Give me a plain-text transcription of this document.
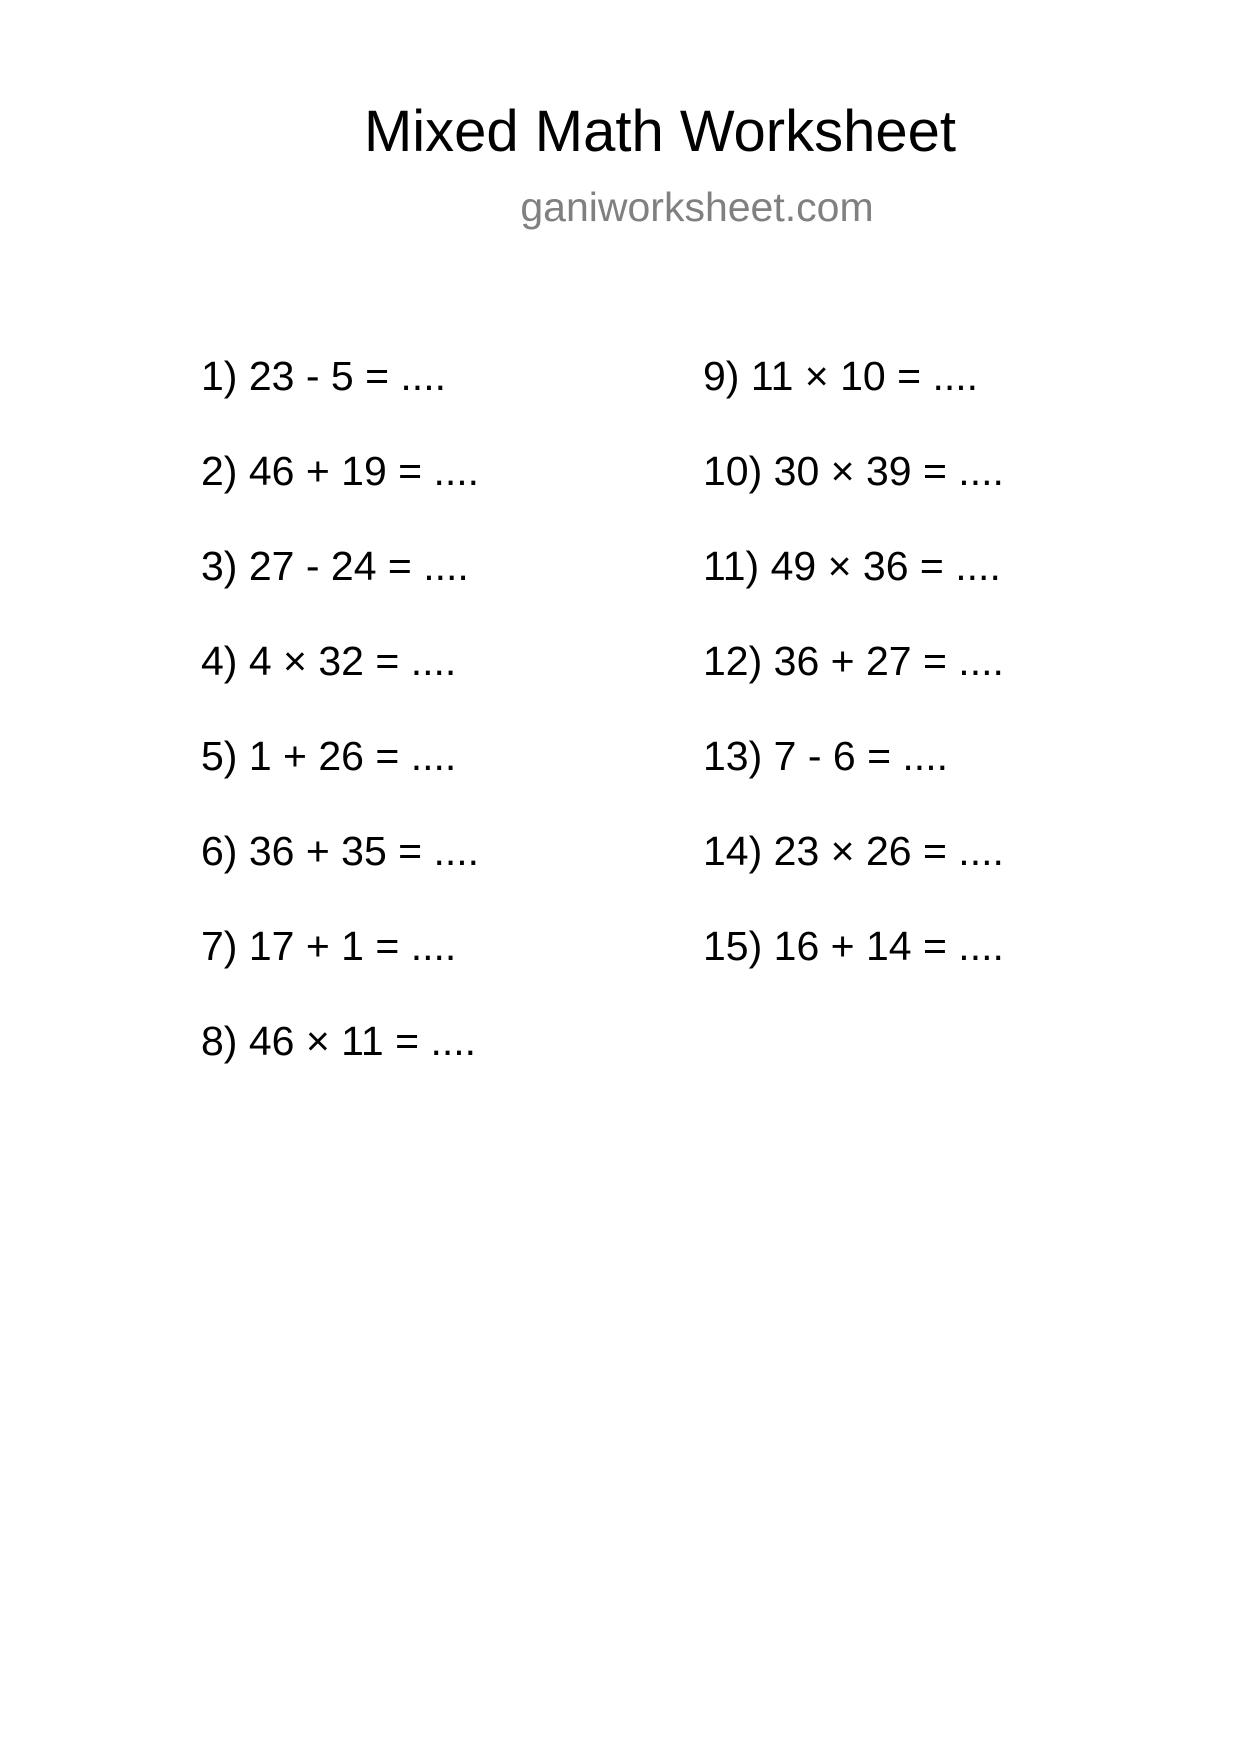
Mixed Math Worksheet
ganiworksheet.com
1) 23 - 5 = ....
2) 46 + 19 = ....
3) 27 - 24 = ....
4) 4 × 32 = ....
5) 1 + 26 = ....
6) 36 + 35 = ....
7) 17 + 1 = ....
8) 46 × 11 = ....
9) 11 × 10 = ....
10) 30 × 39 = ....
11) 49 × 36 = ....
12) 36 + 27 = ....
13) 7 - 6 = ....
14) 23 × 26 = ....
15) 16 + 14 = ....
